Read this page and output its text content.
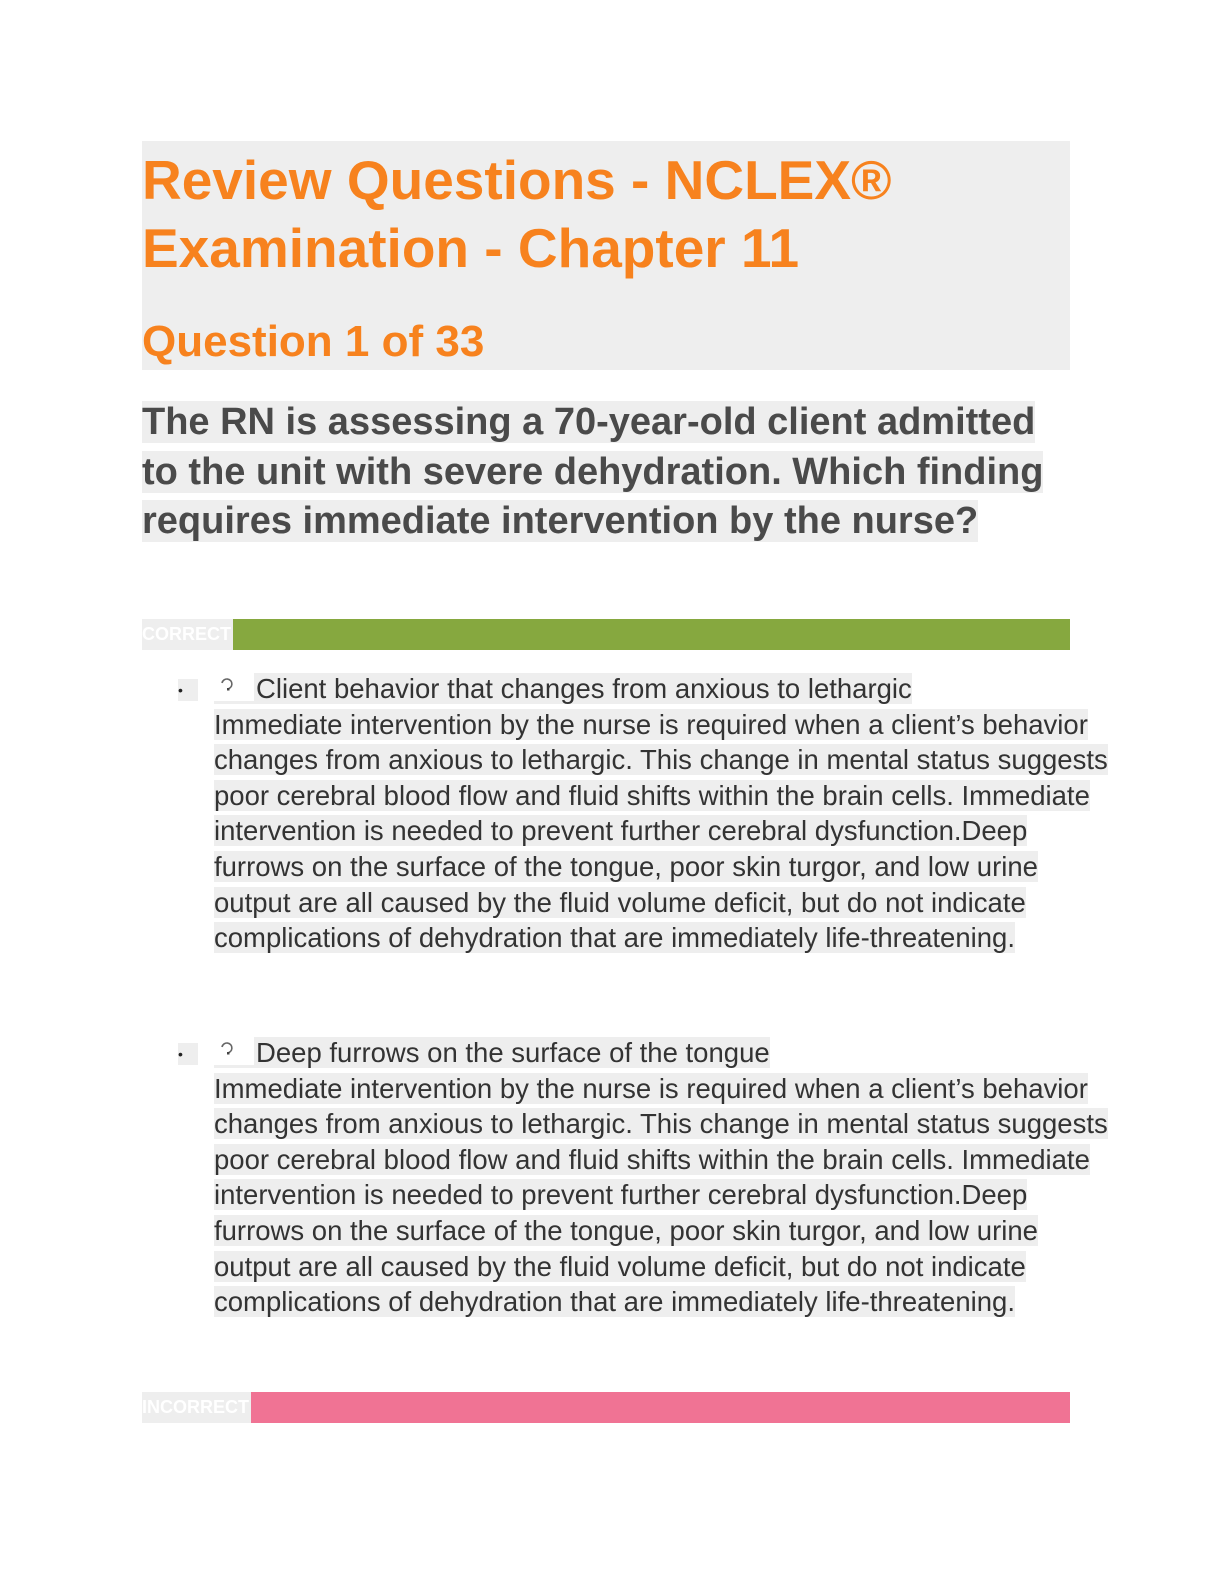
Review Questions - NCLEX® Examination - Chapter 11
Question 1 of 33

The RN is assessing a 70-year-old client admitted to the unit with severe dehydration. Which finding requires immediate intervention by the nurse?

CORRECT
•	Client behavior that changes from anxious to lethargic
Immediate intervention by the nurse is required when a client’s behavior changes from anxious to lethargic. This change in mental status suggests poor cerebral blood flow and fluid shifts within the brain cells. Immediate intervention is needed to prevent further cerebral dysfunction.Deep furrows on the surface of the tongue, poor skin turgor, and low urine output are all caused by the fluid volume deficit, but do not indicate complications of dehydration that are immediately life-threatening.

•	Deep furrows on the surface of the tongue
Immediate intervention by the nurse is required when a client’s behavior changes from anxious to lethargic. This change in mental status suggests poor cerebral blood flow and fluid shifts within the brain cells. Immediate intervention is needed to prevent further cerebral dysfunction.Deep furrows on the surface of the tongue, poor skin turgor, and low urine output are all caused by the fluid volume deficit, but do not indicate complications of dehydration that are immediately life-threatening.

INCORRECT
